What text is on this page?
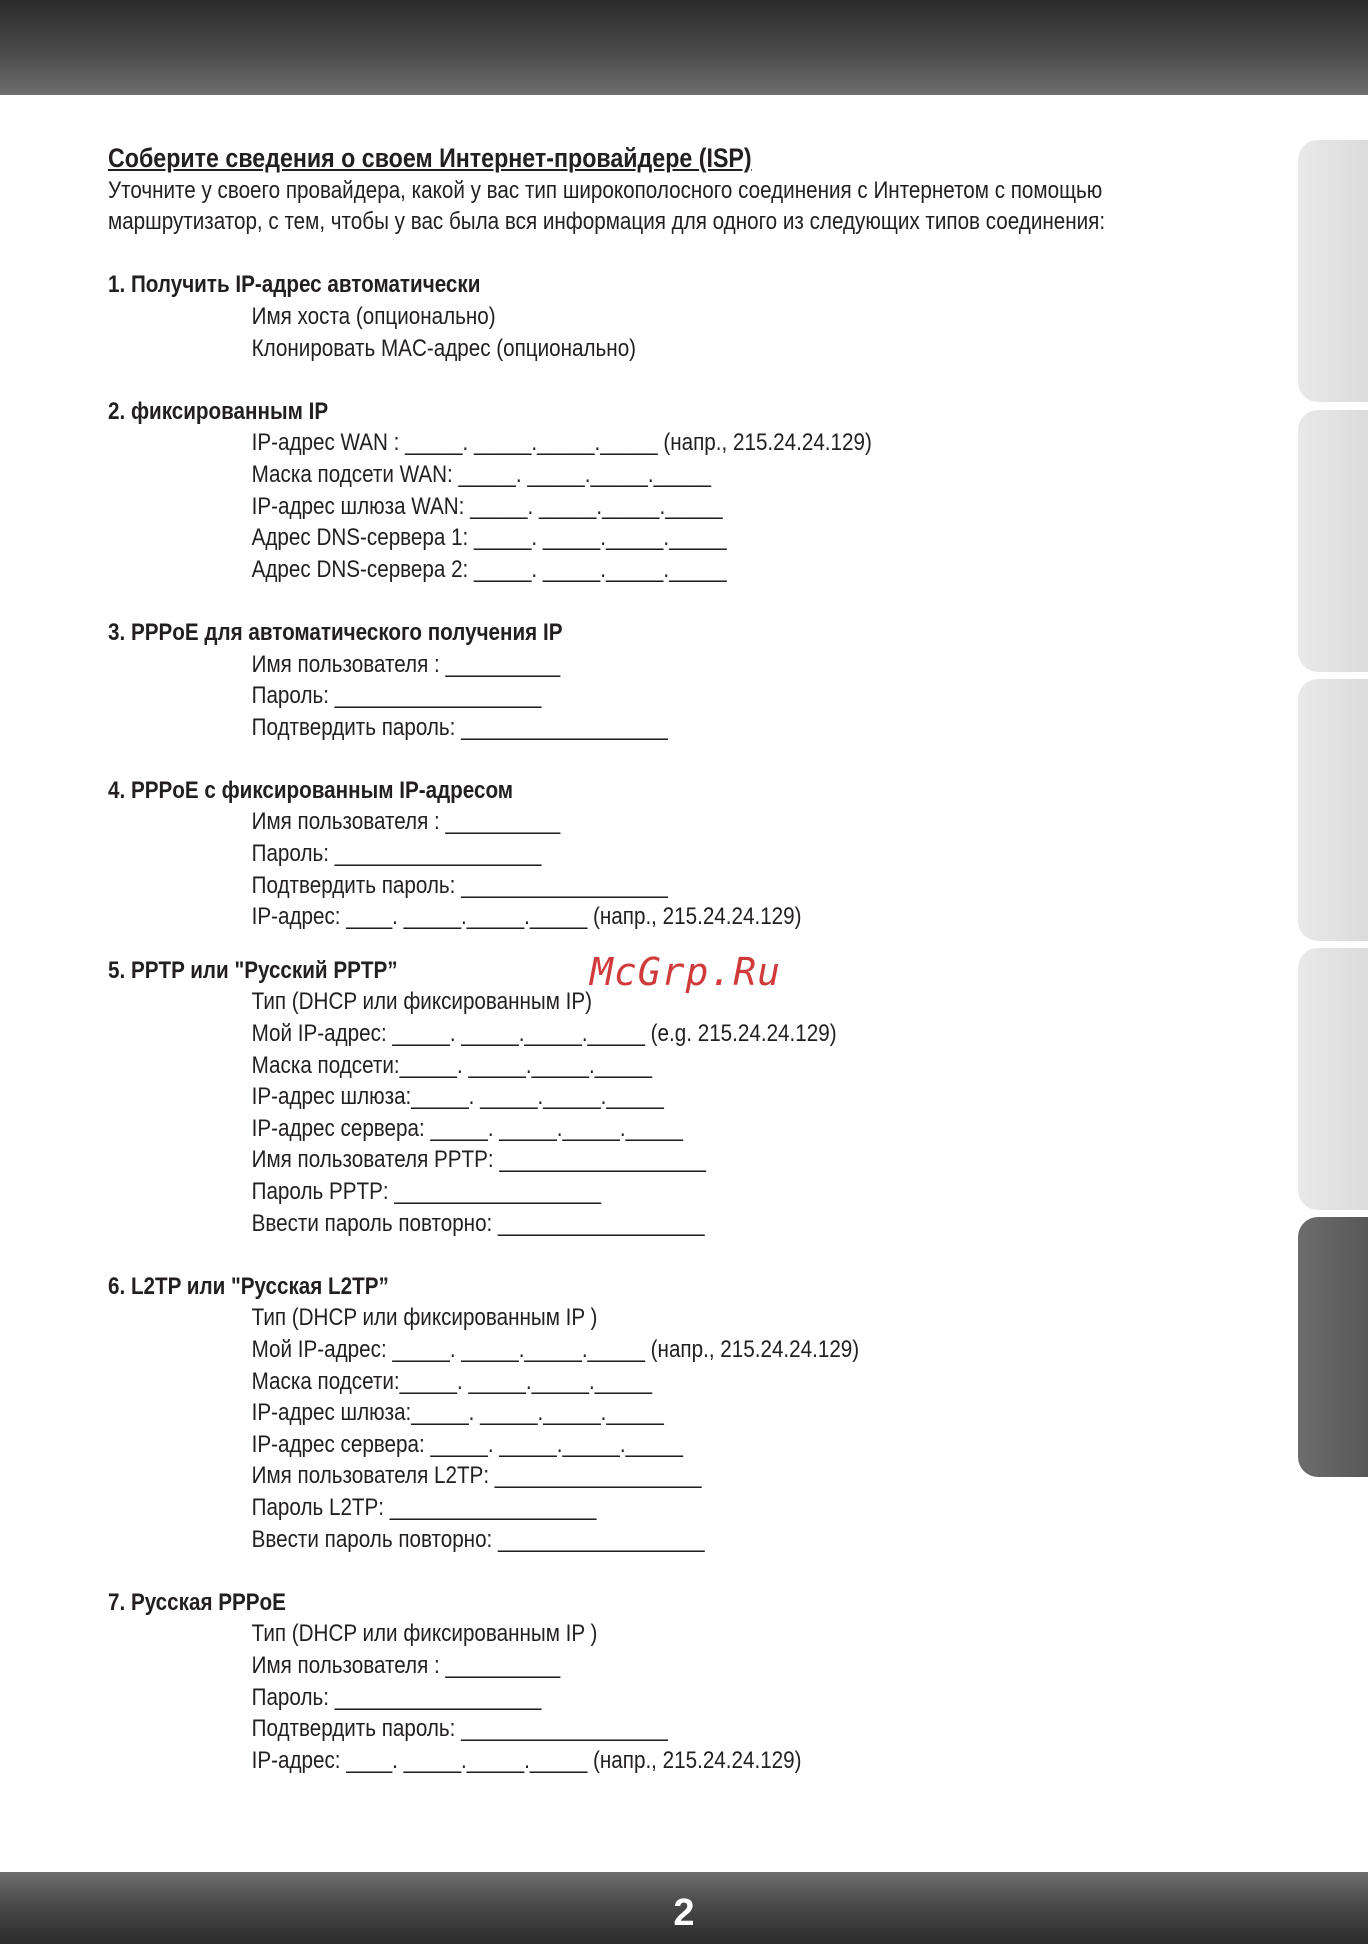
Соберите сведения о своем Интернет-провайдере (ISP)
Уточните у своего провайдера, какой у вас тип широкополосного соединения с Интернетом с помощью
маршрутизатор, с тем, чтобы у вас была вся информация для одного из следующих типов соединения:
1. Получить IP-адрес автоматически
Имя хоста (опционально)
Клонировать MAC-адрес (опционально)
2. фиксированным IP
IP-адрес WAN : _____. _____._____._____ (напр., 215.24.24.129)
Маска подсети WAN: _____. _____._____._____
IP-адрес шлюза WAN: _____. _____._____._____
Адрес DNS-сервера 1: _____. _____._____._____
Адрес DNS-сервера 2: _____. _____._____._____
3. PPPoE для автоматического получения IP
Имя пользователя : __________
Пароль: __________________
Подтвердить пароль: __________________
4. PPPoE с фиксированным IP-адресом
Имя пользователя : __________
Пароль: __________________
Подтвердить пароль: __________________
IP-адрес: ____. _____._____._____ (напр., 215.24.24.129)
5. PPTP или "Русский PPTP”
Тип (DHCP или фиксированным IP)
Мой IP-адрес: _____. _____._____._____ (e.g. 215.24.24.129)
Маска подсети:_____. _____._____._____
IP-адрес шлюза:_____. _____._____._____
IP-адрес сервера: _____. _____._____._____
Имя пользователя PPTP: __________________
Пароль PPTP: __________________
Ввести пароль повторно: __________________
6. L2TP или "Русская L2TP”
Тип (DHCP или фиксированным IP )
Мой IP-адрес: _____. _____._____._____ (напр., 215.24.24.129)
Маска подсети:_____. _____._____._____
IP-адрес шлюза:_____. _____._____._____
IP-адрес сервера: _____. _____._____._____
Имя пользователя L2TP: __________________
Пароль L2TP: __________________
Ввести пароль повторно: __________________
7. Русская PPPoE
Тип (DHCP или фиксированным IP )
Имя пользователя : __________
Пароль: __________________
Подтвердить пароль: __________________
IP-адрес: ____. _____._____._____ (напр., 215.24.24.129)
McGrp.Ru
2
